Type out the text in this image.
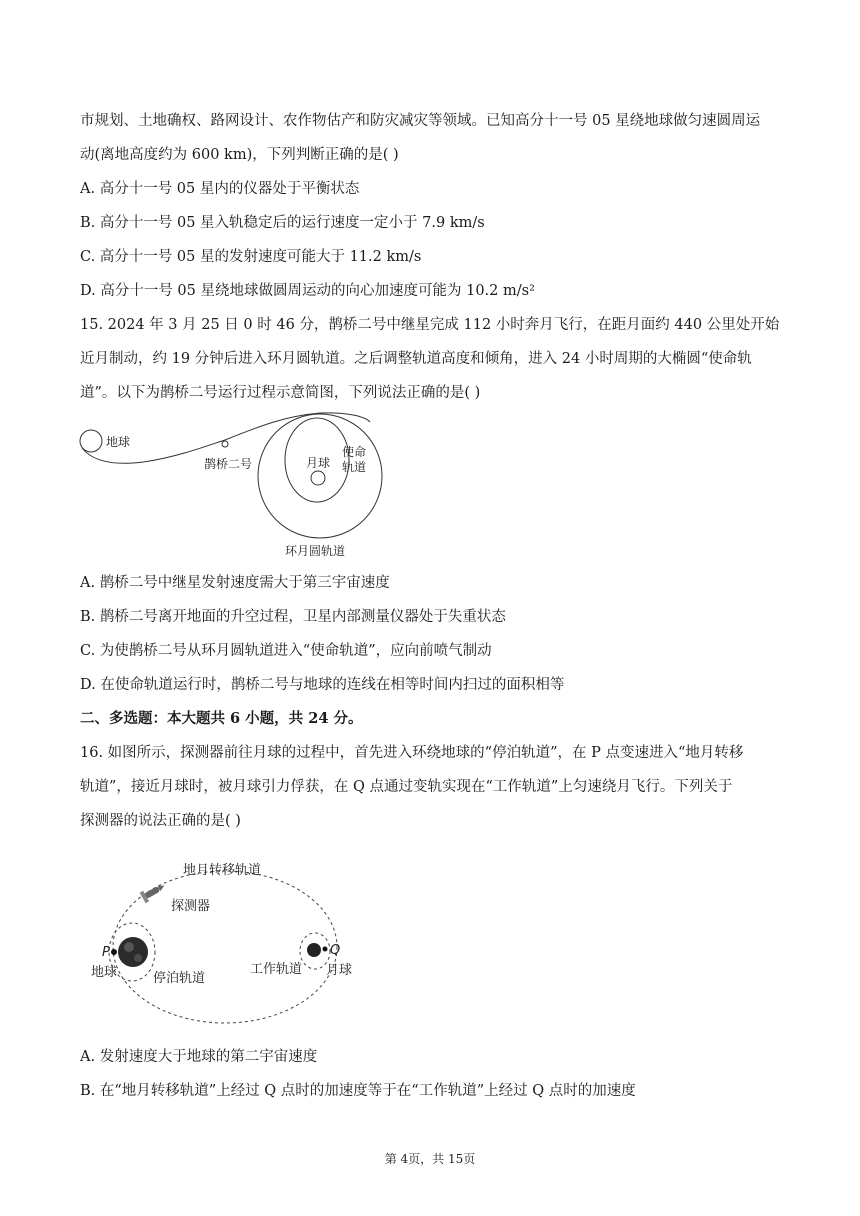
市规划、土地确权、路网设计、农作物估产和防灾减灾等领域。已知高分十一号 05 星绕地球做匀速圆周运
动(离地高度约为 600 km)，下列判断正确的是( )
A. 高分十一号 05 星内的仪器处于平衡状态
B. 高分十一号 05 星入轨稳定后的运行速度一定小于 7.9 km/s
C. 高分十一号 05 星的发射速度可能大于 11.2 km/s
D. 高分十一号 05 星绕地球做圆周运动的向心加速度可能为 10.2 m/s²
15. 2024 年 3 月 25 日 0 时 46 分，鹊桥二号中继星完成 112 小时奔月飞行，在距月面约 440 公里处开始
近月制动，约 19 分钟后进入环月圆轨道。之后调整轨道高度和倾角，进入 24 小时周期的大椭圆“使命轨
道”。以下为鹊桥二号运行过程示意简图，下列说法正确的是( )
地球
鹊桥二号	月球
使命
轨道
环月圆轨道
A. 鹊桥二号中继星发射速度需大于第三宇宙速度
B. 鹊桥二号离开地面的升空过程，卫星内部测量仪器处于失重状态
C. 为使鹊桥二号从环月圆轨道进入“使命轨道”，应向前喷气制动
D. 在使命轨道运行时，鹊桥二号与地球的连线在相等时间内扫过的面积相等
二、多选题：本大题共 6 小题，共 24 分。
16. 如图所示，探测器前往月球的过程中，首先进入环绕地球的“停泊轨道”，在 P 点变速进入“地月转移
轨道”，接近月球时，被月球引力俘获，在 Q 点通过变轨实现在“工作轨道”上匀速绕月飞行。下列关于
探测器的说法正确的是( )
地月转移轨道
探测器
P
地球	停泊轨道
Q
工作轨道 月球
A. 发射速度大于地球的第二宇宙速度
B. 在“地月转移轨道”上经过 Q 点时的加速度等于在“工作轨道”上经过 Q 点时的加速度
第 4页，共 15页
